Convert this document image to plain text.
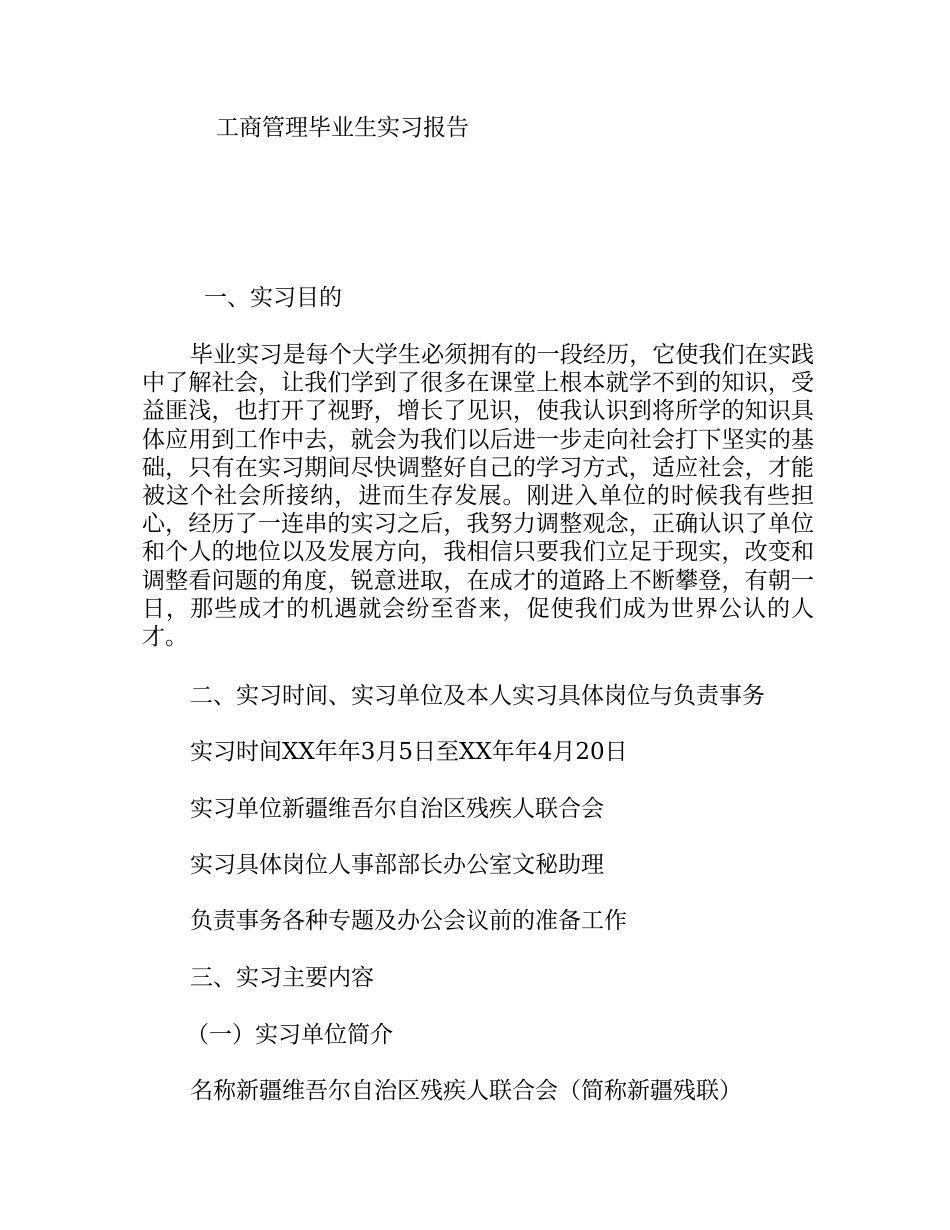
工商管理毕业生实习报告
一、实习目的
毕业实习是每个大学生必须拥有的一段经历，它使我们在实践中了解社会，让我们学到了很多在课堂上根本就学不到的知识，受益匪浅，也打开了视野，增长了见识，使我认识到将所学的知识具体应用到工作中去，就会为我们以后进一步走向社会打下坚实的基础，只有在实习期间尽快调整好自己的学习方式，适应社会，才能被这个社会所接纳，进而生存发展。刚进入单位的时候我有些担心，经历了一连串的实习之后，我努力调整观念，正确认识了单位和个人的地位以及发展方向，我相信只要我们立足于现实，改变和调整看问题的角度，锐意进取，在成才的道路上不断攀登，有朝一日，那些成才的机遇就会纷至沓来，促使我们成为世界公认的人才。
二、实习时间、实习单位及本人实习具体岗位与负责事务
实习时间XX年年3月5日至XX年年4月20日
实习单位新疆维吾尔自治区残疾人联合会
实习具体岗位人事部部长办公室文秘助理
负责事务各种专题及办公会议前的准备工作
三、实习主要内容
（一）实习单位简介
名称新疆维吾尔自治区残疾人联合会（简称新疆残联）
